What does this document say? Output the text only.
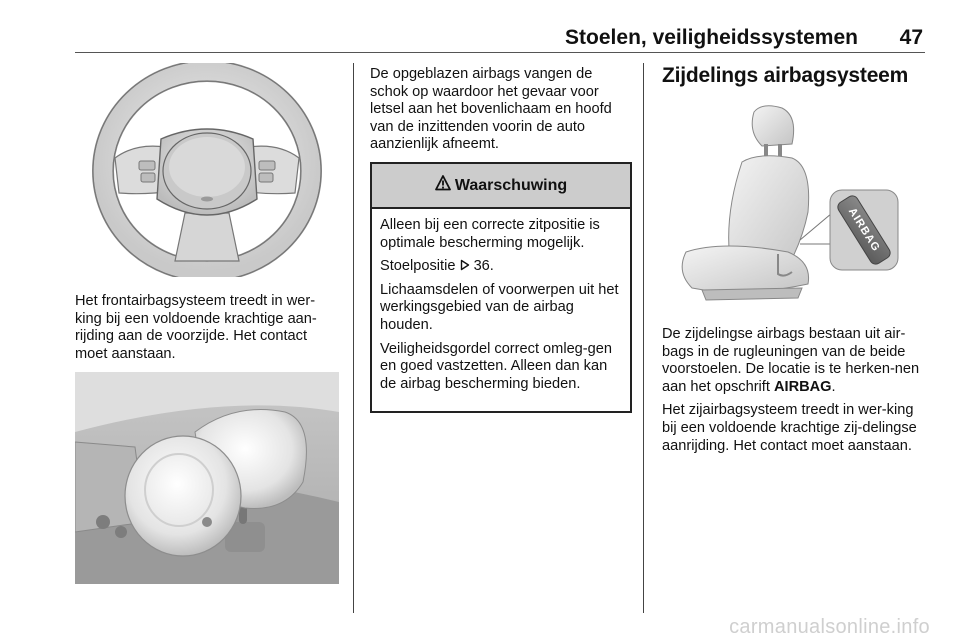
Stoelen, veiligheidssystemen 47

Het frontairbagsysteem treedt in wer-king bij een voldoende krachtige aan-rijding aan de voorzijde. Het contact moet aanstaan.

De opgeblazen airbags vangen de schok op waardoor het gevaar voor letsel aan het bovenlichaam en hoofd van de inzittenden voorin de auto aanzienlijk afneemt.

Waarschuwing

Alleen bij een correcte zitpositie is optimale bescherming mogelijk.

Stoelpositie  36.

Lichaamsdelen of voorwerpen uit het werkingsgebied van de airbag houden.

Veiligheidsgordel correct omleg-gen en goed vastzetten. Alleen dan kan de airbag bescherming bieden.

Zijdelings airbagsysteem
AIRBAG

De zijdelingse airbags bestaan uit air-bags in de rugleuningen van de beide voorstoelen. De locatie is te herken-nen aan het opschrift AIRBAG.

Het zijairbagsysteem treedt in wer-king bij een voldoende krachtige zij-delingse aanrijding. Het contact moet aanstaan.

carmanualsonline.info
